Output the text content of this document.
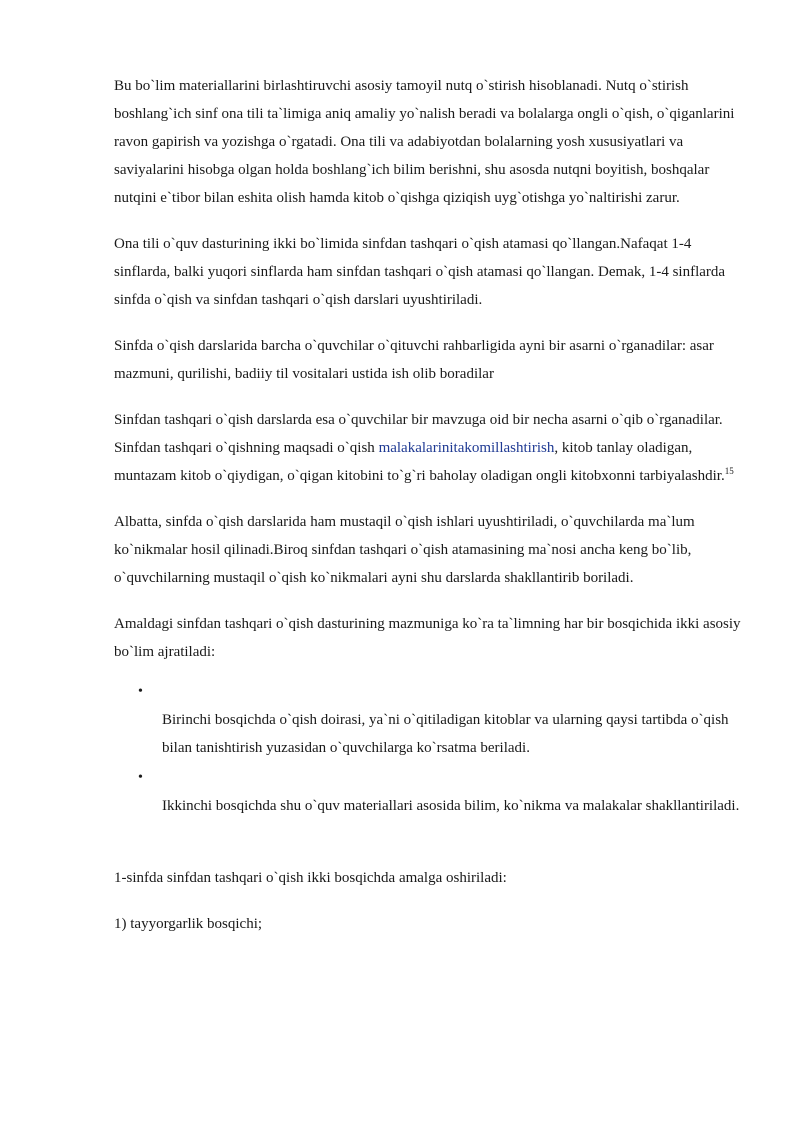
Bu bo`lim materiallarini birlashtiruvchi asosiy tamoyil nutq o`stirish hisoblanadi. Nutq o`stirish boshlang`ich sinf ona tili ta`limiga aniq amaliy yo`nalish beradi va bolalarga ongli o`qish, o`qiganlarini ravon gapirish va yozishga o`rgatadi. Ona tili va adabiyotdan bolalarning yosh xususiyatlari va saviyalarini hisobga olgan holda boshlang`ich bilim berishni, shu asosda nutqni boyitish, boshqalar nutqini e`tibor bilan eshita olish hamda kitob o`qishga qiziqish uyg`otishga yo`naltirishi zarur.

Ona tili o`quv dasturining ikki bo`limida sinfdan tashqari o`qish atamasi qo`llangan.Nafaqat 1-4 sinflarda, balki yuqori sinflarda ham sinfdan tashqari o`qish atamasi qo`llangan. Demak, 1-4 sinflarda sinfda o`qish va sinfdan tashqari o`qish darslari uyushtiriladi.

Sinfda o`qish darslarida barcha o`quvchilar o`qituvchi rahbarligida ayni bir asarni o`rganadilar: asar mazmuni, qurilishi, badiiy til vositalari ustida ish olib boradilar

Sinfdan tashqari o`qish darslarda esa o`quvchilar bir mavzuga oid bir necha asarni o`qib o`rganadilar. Sinfdan tashqari o`qishning maqsadi o`qish malakalarinitakomillashtirish, kitob tanlay oladigan, muntazam kitob o`qiydigan, o`qigan kitobini to`g`ri baholay oladigan ongli kitobxonni tarbiyalashdir.$^{15}$

Albatta, sinfda o`qish darslarida ham mustaqil o`qish ishlari uyushtiriladi, o`quvchilarda ma`lum ko`nikmalar hosil qilinadi.Biroq sinfdan tashqari o`qish atamasining ma`nosi ancha keng bo`lib, o`quvchilarning mustaqil o`qish ko`nikmalari ayni shu darslarda shakllantirib boriladi.

Amaldagi sinfdan tashqari o`qish dasturining mazmuniga ko`ra ta`limning har bir bosqichida ikki asosiy bo`lim ajratiladi:

•

Birinchi bosqichda o`qish doirasi, ya`ni o`qitiladigan kitoblar va ularning qaysi tartibda o`qish bilan tanishtirish yuzasidan o`quvchilarga ko`rsatma beriladi.

•

Ikkinchi bosqichda shu o`quv materiallari asosida bilim, ko`nikma va malakalar shakllantiriladi.

1-sinfda sinfdan tashqari o`qish ikki bosqichda amalga oshiriladi:

1) tayyorgarlik bosqichi;
